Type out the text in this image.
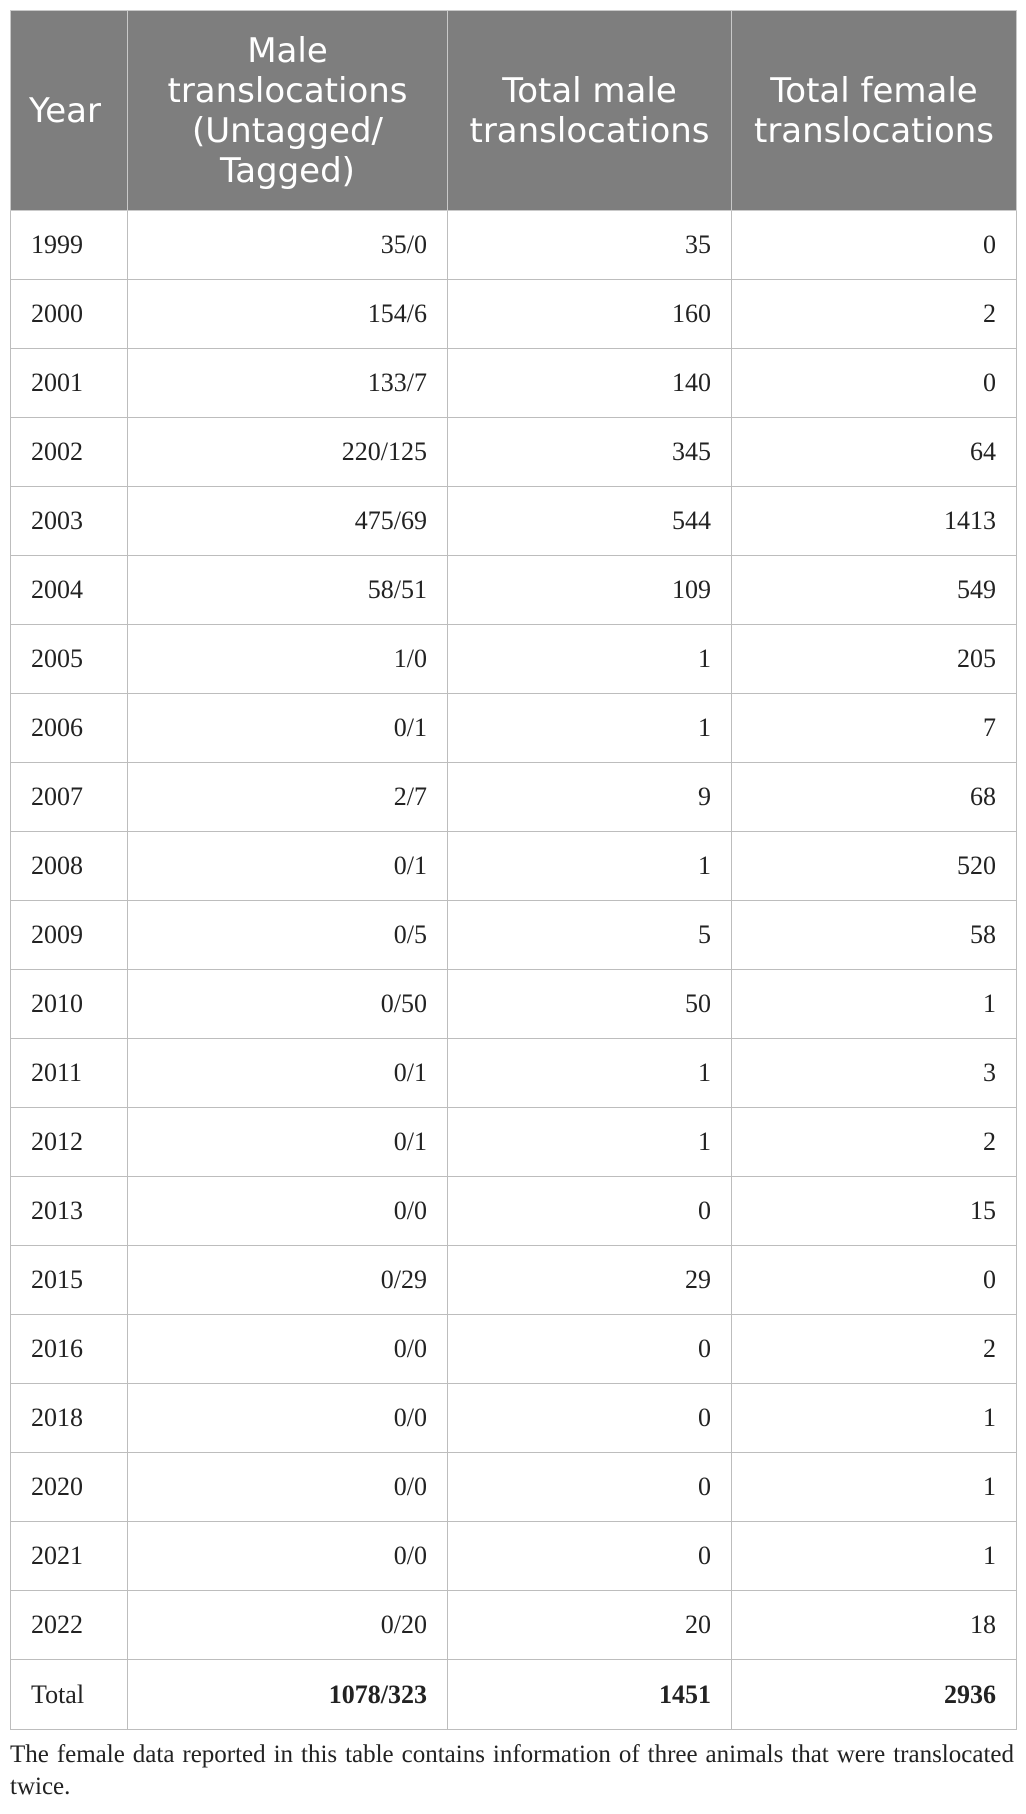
Year	Male translocations (Untagged/ Tagged)	Total male translocations	Total female translocations
1999	35/0	35	0
2000	154/6	160	2
2001	133/7	140	0
2002	220/125	345	64
2003	475/69	544	1413
2004	58/51	109	549
2005	1/0	1	205
2006	0/1	1	7
2007	2/7	9	68
2008	0/1	1	520
2009	0/5	5	58
2010	0/50	50	1
2011	0/1	1	3
2012	0/1	1	2
2013	0/0	0	15
2015	0/29	29	0
2016	0/0	0	2
2018	0/0	0	1
2020	0/0	0	1
2021	0/0	0	1
2022	0/20	20	18
Total	1078/323	1451	2936
The female data reported in this table contains information of three animals that were translocated twice.
